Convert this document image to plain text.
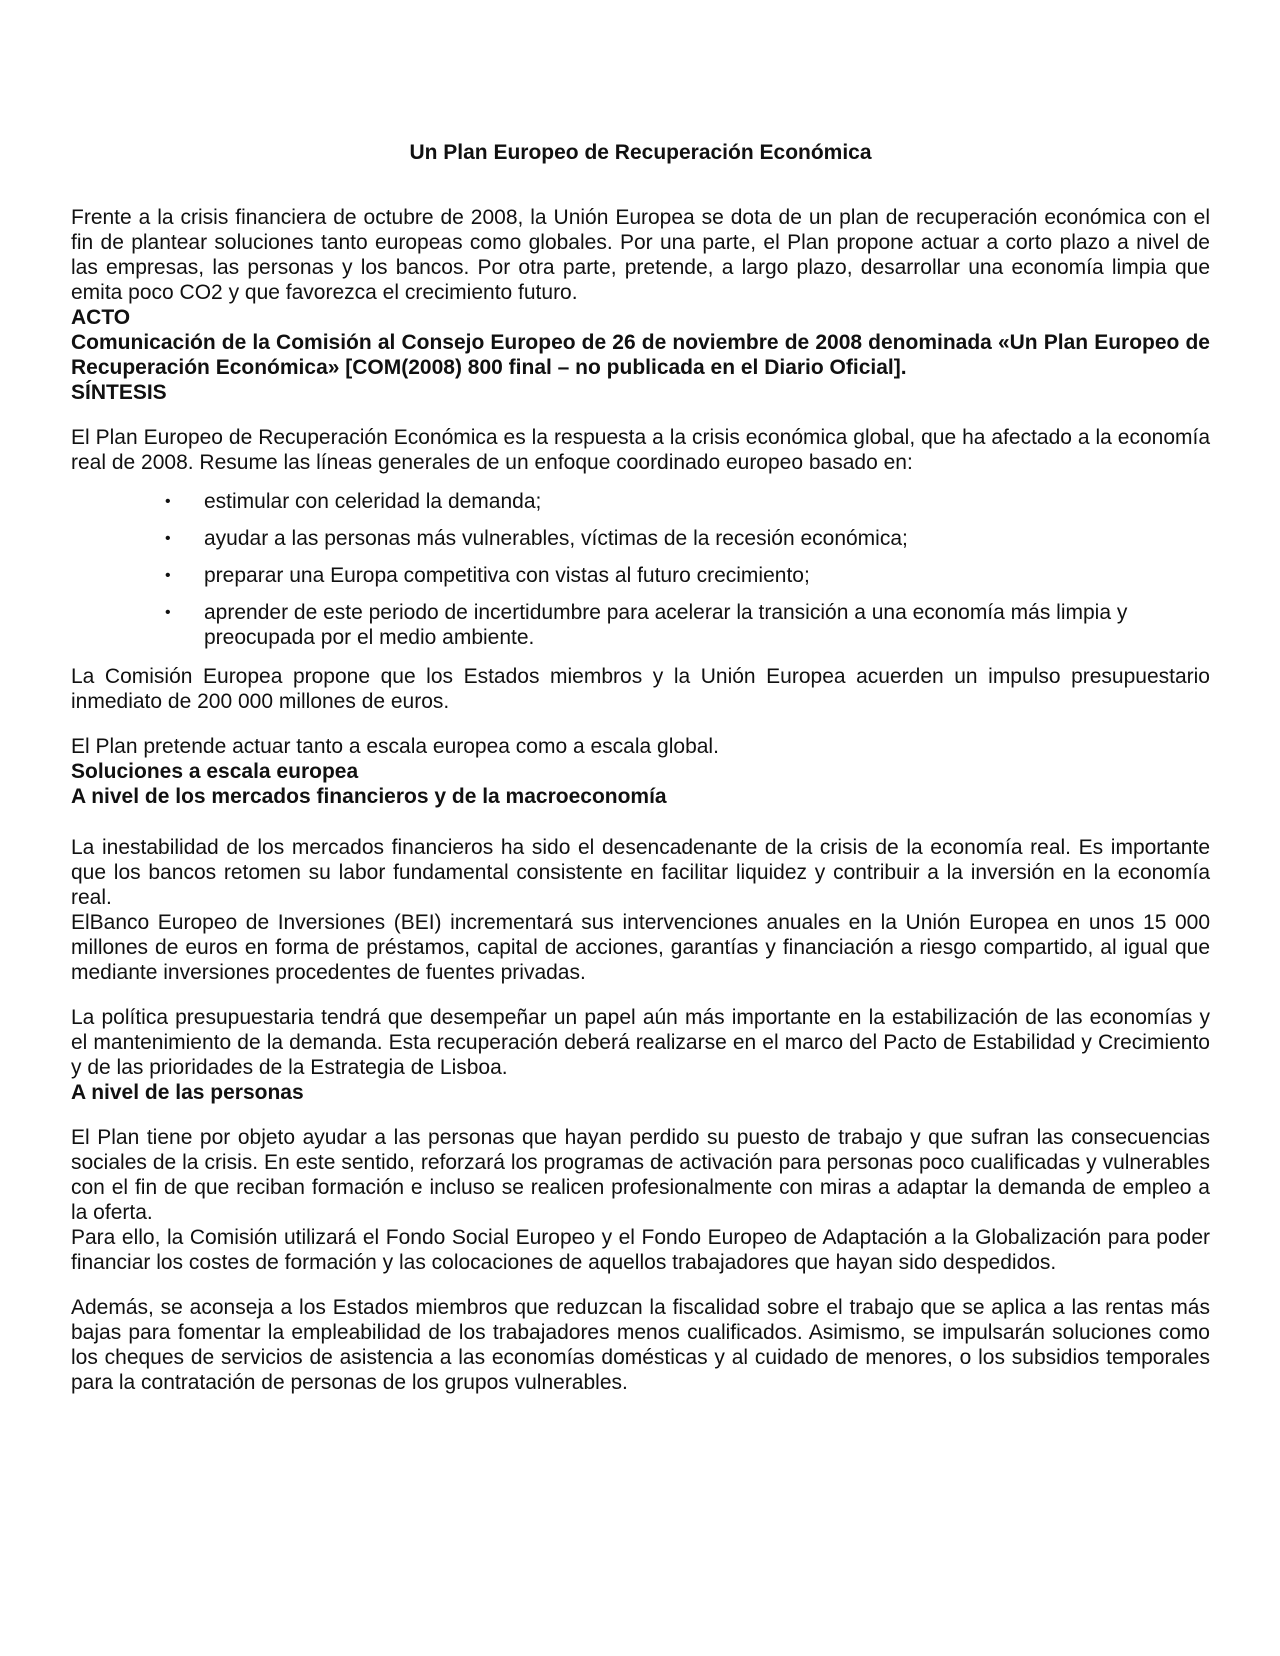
Un Plan Europeo de Recuperación Económica

Frente a la crisis financiera de octubre de 2008, la Unión Europea se dota de un plan de recuperación económica con el fin de plantear soluciones tanto europeas como globales. Por una parte, el Plan propone actuar a corto plazo a nivel de las empresas, las personas y los bancos. Por otra parte, pretende, a largo plazo, desarrollar una economía limpia que emita poco CO2 y que favorezca el crecimiento futuro.

ACTO

Comunicación de la Comisión al Consejo Europeo de 26 de noviembre de 2008 denominada «Un Plan Europeo de Recuperación Económica» [COM(2008) 800 final – no publicada en el Diario Oficial].

SÍNTESIS

El Plan Europeo de Recuperación Económica es la respuesta a la crisis económica global, que ha afectado a la economía real de 2008. Resume las líneas generales de un enfoque coordinado europeo basado en:

• estimular con celeridad la demanda;
• ayudar a las personas más vulnerables, víctimas de la recesión económica;
• preparar una Europa competitiva con vistas al futuro crecimiento;
• aprender de este periodo de incertidumbre para acelerar la transición a una economía más limpia y preocupada por el medio ambiente.

La Comisión Europea propone que los Estados miembros y la Unión Europea acuerden un impulso presupuestario inmediato de 200 000 millones de euros.

El Plan pretende actuar tanto a escala europea como a escala global.

Soluciones a escala europea
A nivel de los mercados financieros y de la macroeconomía

La inestabilidad de los mercados financieros ha sido el desencadenante de la crisis de la economía real. Es importante que los bancos retomen su labor fundamental consistente en facilitar liquidez y contribuir a la inversión en la economía real.

ElBanco Europeo de Inversiones (BEI) incrementará sus intervenciones anuales en la Unión Europea en unos 15 000 millones de euros en forma de préstamos, capital de acciones, garantías y financiación a riesgo compartido, al igual que mediante inversiones procedentes de fuentes privadas.

La política presupuestaria tendrá que desempeñar un papel aún más importante en la estabilización de las economías y el mantenimiento de la demanda. Esta recuperación deberá realizarse en el marco del Pacto de Estabilidad y Crecimiento y de las prioridades de la Estrategia de Lisboa.

A nivel de las personas

El Plan tiene por objeto ayudar a las personas que hayan perdido su puesto de trabajo y que sufran las consecuencias sociales de la crisis. En este sentido, reforzará los programas de activación para personas poco cualificadas y vulnerables con el fin de que reciban formación e incluso se realicen profesionalmente con miras a adaptar la demanda de empleo a la oferta.

Para ello, la Comisión utilizará el Fondo Social Europeo y el Fondo Europeo de Adaptación a la Globalización para poder financiar los costes de formación y las colocaciones de aquellos trabajadores que hayan sido despedidos.

Además, se aconseja a los Estados miembros que reduzcan la fiscalidad sobre el trabajo que se aplica a las rentas más bajas para fomentar la empleabilidad de los trabajadores menos cualificados. Asimismo, se impulsarán soluciones como los cheques de servicios de asistencia a las economías domésticas y al cuidado de menores, o los subsidios temporales para la contratación de personas de los grupos vulnerables.
